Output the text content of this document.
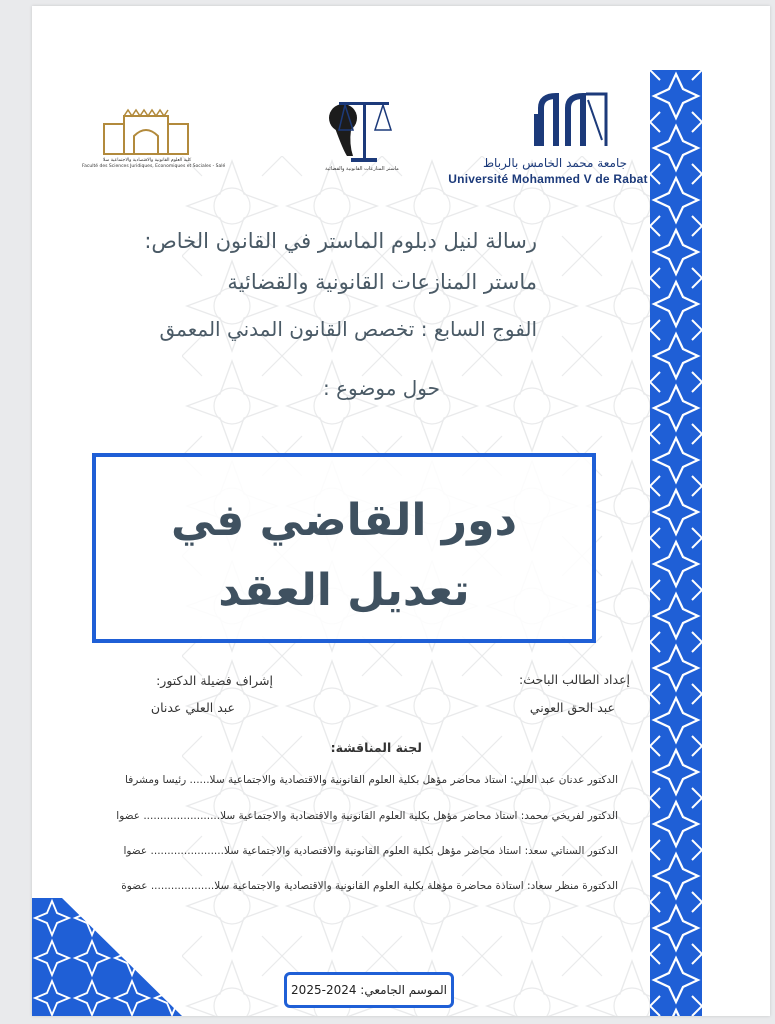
جامعة محمد الخامس بالرباط
Université Mohammed V de Rabat
ماستر المنازعات القانونية والقضائية
كلية العلوم القانونية والاقتصادية والاجتماعية سلا
Faculté des Sciences Juridiques, Economiques et Sociales - Salé
رسالة لنيل دبلوم الماستر في القانون الخاص:
ماستر المنازعات القانونية والقضائية
الفوج السابع : تخصص القانون المدني المعمق
حول موضوع :
دور القاضي في
تعديل العقد
إعداد الطالب الباحث:
عبد الحق العوني
إشراف فضيلة الدكتور:
عبد العلي عدنان
لجنة المناقشة:
الدكتور عدنان عبد العلي: استاذ محاضر مؤهل بكلية العلوم القانونية والاقتصادية والاجتماعية سلا...... رئيسا ومشرفا
الدكتور لفريخي محمد: استاذ محاضر مؤهل بكلية العلوم القانونية والاقتصادية والاجتماعية سلا....................... عضوا
الدكتور السناتي سعد: استاذ محاضر مؤهل بكلية العلوم القانونية والاقتصادية والاجتماعية سلا...................... عضوا
الدكتورة منظر سعاد: استاذة محاضرة مؤهلة بكلية العلوم القانونية والاقتصادية والاجتماعية سلا................... عضوة
الموسم الجامعي: 2024-2025
